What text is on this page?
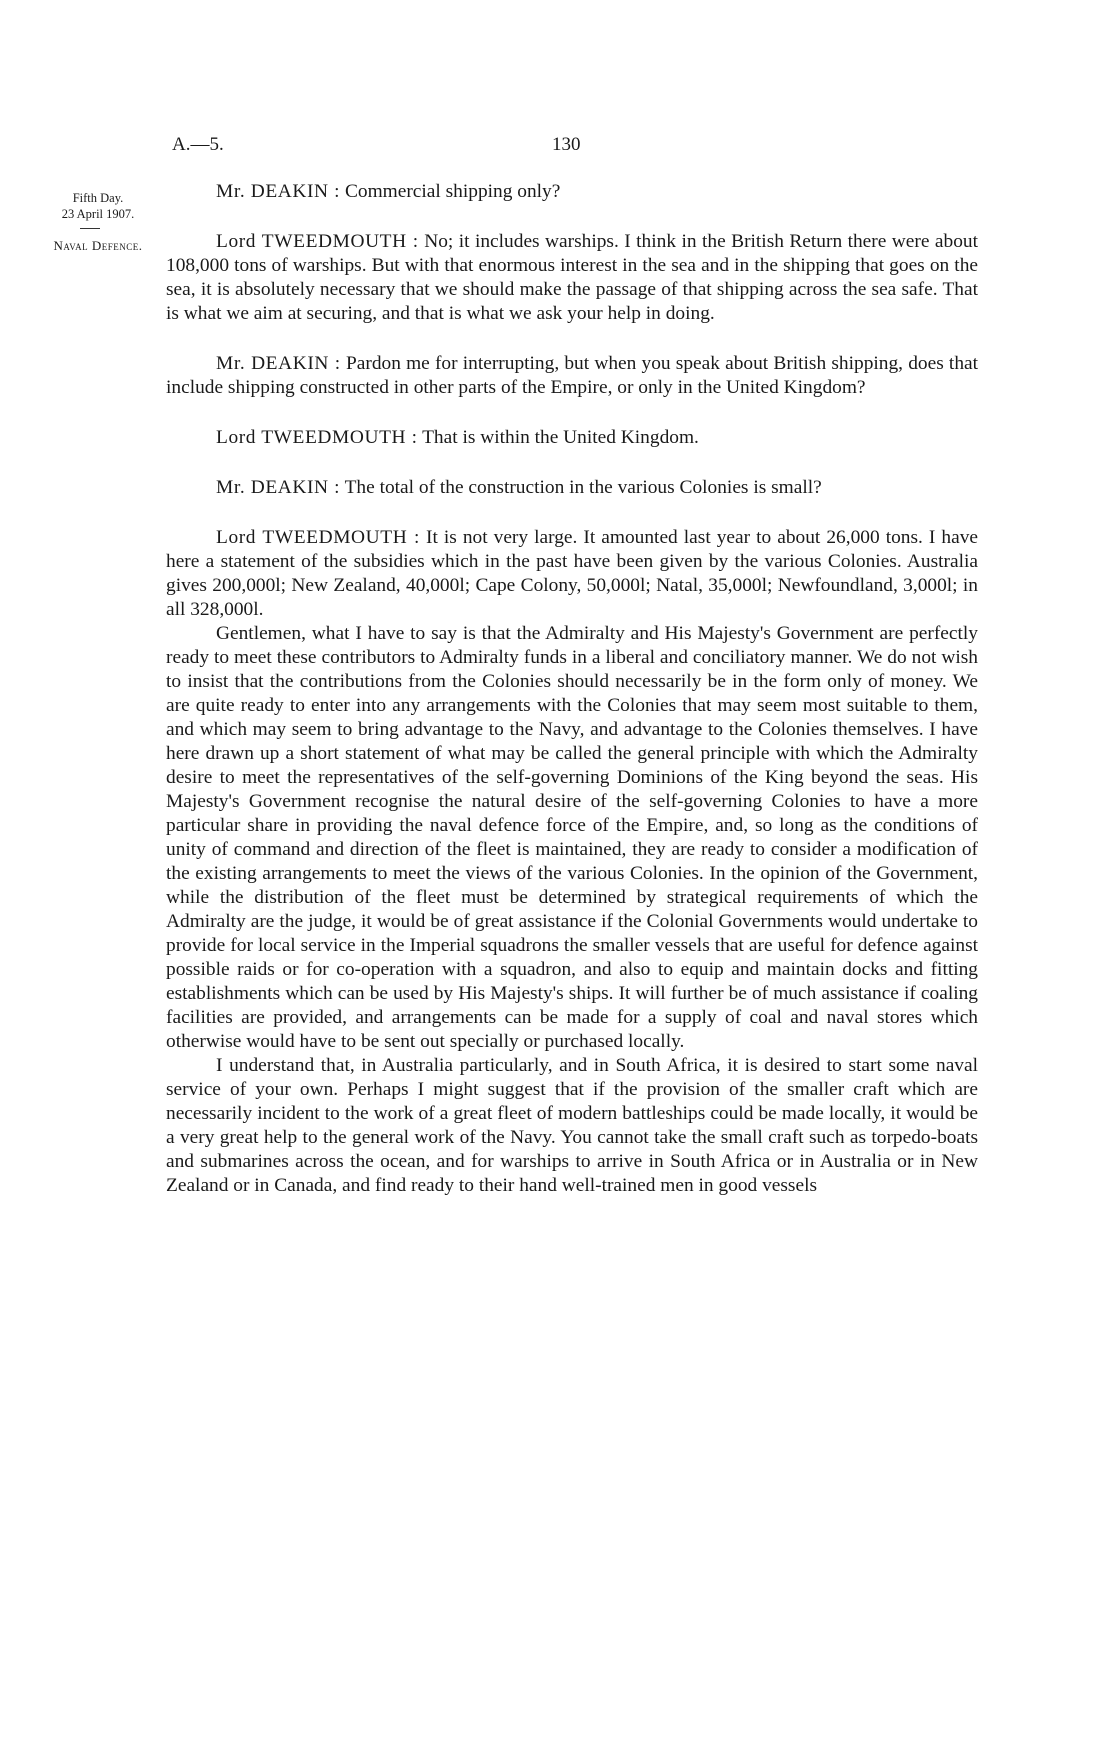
A.—5.	130
Fifth Day.
23 April 1907.
Naval Defence.

Mr. DEAKIN : Commercial shipping only?

Lord TWEEDMOUTH : No; it includes warships. I think in the British Return there were about 108,000 tons of warships. But with that enormous interest in the sea and in the shipping that goes on the sea, it is absolutely necessary that we should make the passage of that shipping across the sea safe. That is what we aim at securing, and that is what we ask your help in doing.

Mr. DEAKIN : Pardon me for interrupting, but when you speak about British shipping, does that include shipping constructed in other parts of the Empire, or only in the United Kingdom?

Lord TWEEDMOUTH : That is within the United Kingdom.

Mr. DEAKIN : The total of the construction in the various Colonies is small?

Lord TWEEDMOUTH : It is not very large. It amounted last year to about 26,000 tons. I have here a statement of the subsidies which in the past have been given by the various Colonies. Australia gives 200,000l; New Zealand, 40,000l; Cape Colony, 50,000l; Natal, 35,000l; Newfoundland, 3,000l; in all 328,000l.

Gentlemen, what I have to say is that the Admiralty and His Majesty's Government are perfectly ready to meet these contributors to Admiralty funds in a liberal and conciliatory manner. We do not wish to insist that the contributions from the Colonies should necessarily be in the form only of money. We are quite ready to enter into any arrangements with the Colonies that may seem most suitable to them, and which may seem to bring advantage to the Navy, and advantage to the Colonies themselves. I have here drawn up a short statement of what may be called the general principle with which the Admiralty desire to meet the representatives of the self-governing Dominions of the King beyond the seas. His Majesty's Government recognise the natural desire of the self-governing Colonies to have a more particular share in providing the naval defence force of the Empire, and, so long as the conditions of unity of command and direction of the fleet is maintained, they are ready to consider a modification of the existing arrangements to meet the views of the various Colonies. In the opinion of the Government, while the distribution of the fleet must be determined by strategical requirements of which the Admiralty are the judge, it would be of great assistance if the Colonial Governments would undertake to provide for local service in the Imperial squadrons the smaller vessels that are useful for defence against possible raids or for co-operation with a squadron, and also to equip and maintain docks and fitting establishments which can be used by His Majesty's ships. It will further be of much assistance if coaling facilities are provided, and arrangements can be made for a supply of coal and naval stores which otherwise would have to be sent out specially or purchased locally.

I understand that, in Australia particularly, and in South Africa, it is desired to start some naval service of your own. Perhaps I might suggest that if the provision of the smaller craft which are necessarily incident to the work of a great fleet of modern battleships could be made locally, it would be a very great help to the general work of the Navy. You cannot take the small craft such as torpedo-boats and submarines across the ocean, and for warships to arrive in South Africa or in Australia or in New Zealand or in Canada, and find ready to their hand well-trained men in good vessels
